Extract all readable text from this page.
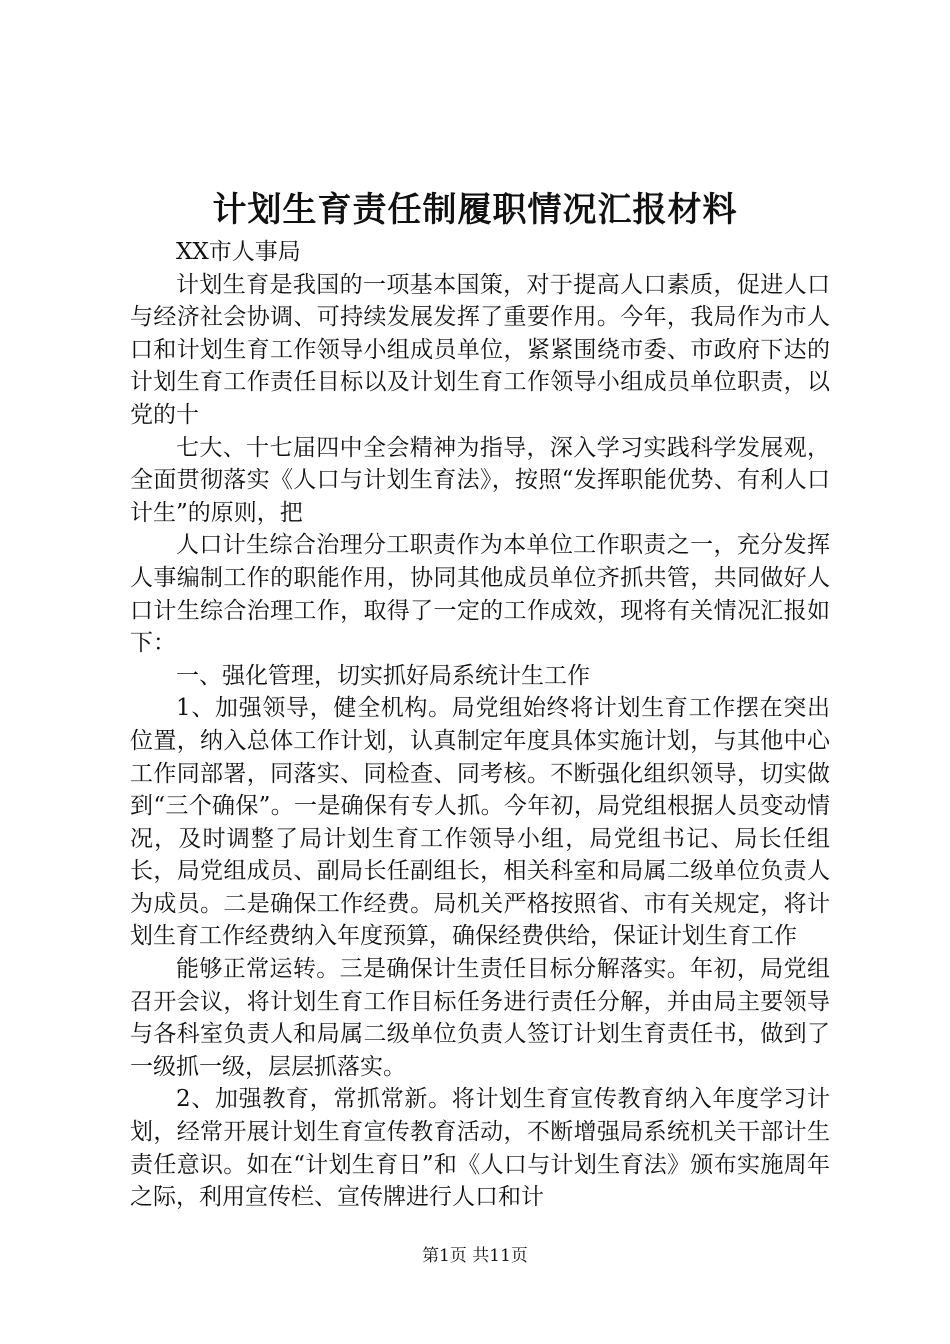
计划生育责任制履职情况汇报材料

XX市人事局

计划生育是我国的一项基本国策，对于提高人口素质，促进人口与经济社会协调、可持续发展发挥了重要作用。今年，我局作为市人口和计划生育工作领导小组成员单位，紧紧围绕市委、市政府下达的计划生育工作责任目标以及计划生育工作领导小组成员单位职责，以党的十

七大、十七届四中全会精神为指导，深入学习实践科学发展观，全面贯彻落实《人口与计划生育法》，按照“发挥职能优势、有利人口计生”的原则，把

人口计生综合治理分工职责作为本单位工作职责之一，充分发挥人事编制工作的职能作用，协同其他成员单位齐抓共管，共同做好人口计生综合治理工作，取得了一定的工作成效，现将有关情况汇报如下：

一、强化管理，切实抓好局系统计生工作

1、加强领导，健全机构。局党组始终将计划生育工作摆在突出位置，纳入总体工作计划，认真制定年度具体实施计划，与其他中心工作同部署，同落实、同检查、同考核。不断强化组织领导，切实做到“三个确保”。一是确保有专人抓。今年初，局党组根据人员变动情况，及时调整了局计划生育工作领导小组，局党组书记、局长任组长，局党组成员、副局长任副组长，相关科室和局属二级单位负责人为成员。二是确保工作经费。局机关严格按照省、市有关规定，将计划生育工作经费纳入年度预算，确保经费供给，保证计划生育工作

能够正常运转。三是确保计生责任目标分解落实。年初，局党组召开会议，将计划生育工作目标任务进行责任分解，并由局主要领导与各科室负责人和局属二级单位负责人签订计划生育责任书，做到了一级抓一级，层层抓落实。

2、加强教育，常抓常新。将计划生育宣传教育纳入年度学习计划，经常开展计划生育宣传教育活动，不断增强局系统机关干部计生责任意识。如在“计划生育日”和《人口与计划生育法》颁布实施周年之际，利用宣传栏、宣传牌进行人口和计

第1页 共11页
